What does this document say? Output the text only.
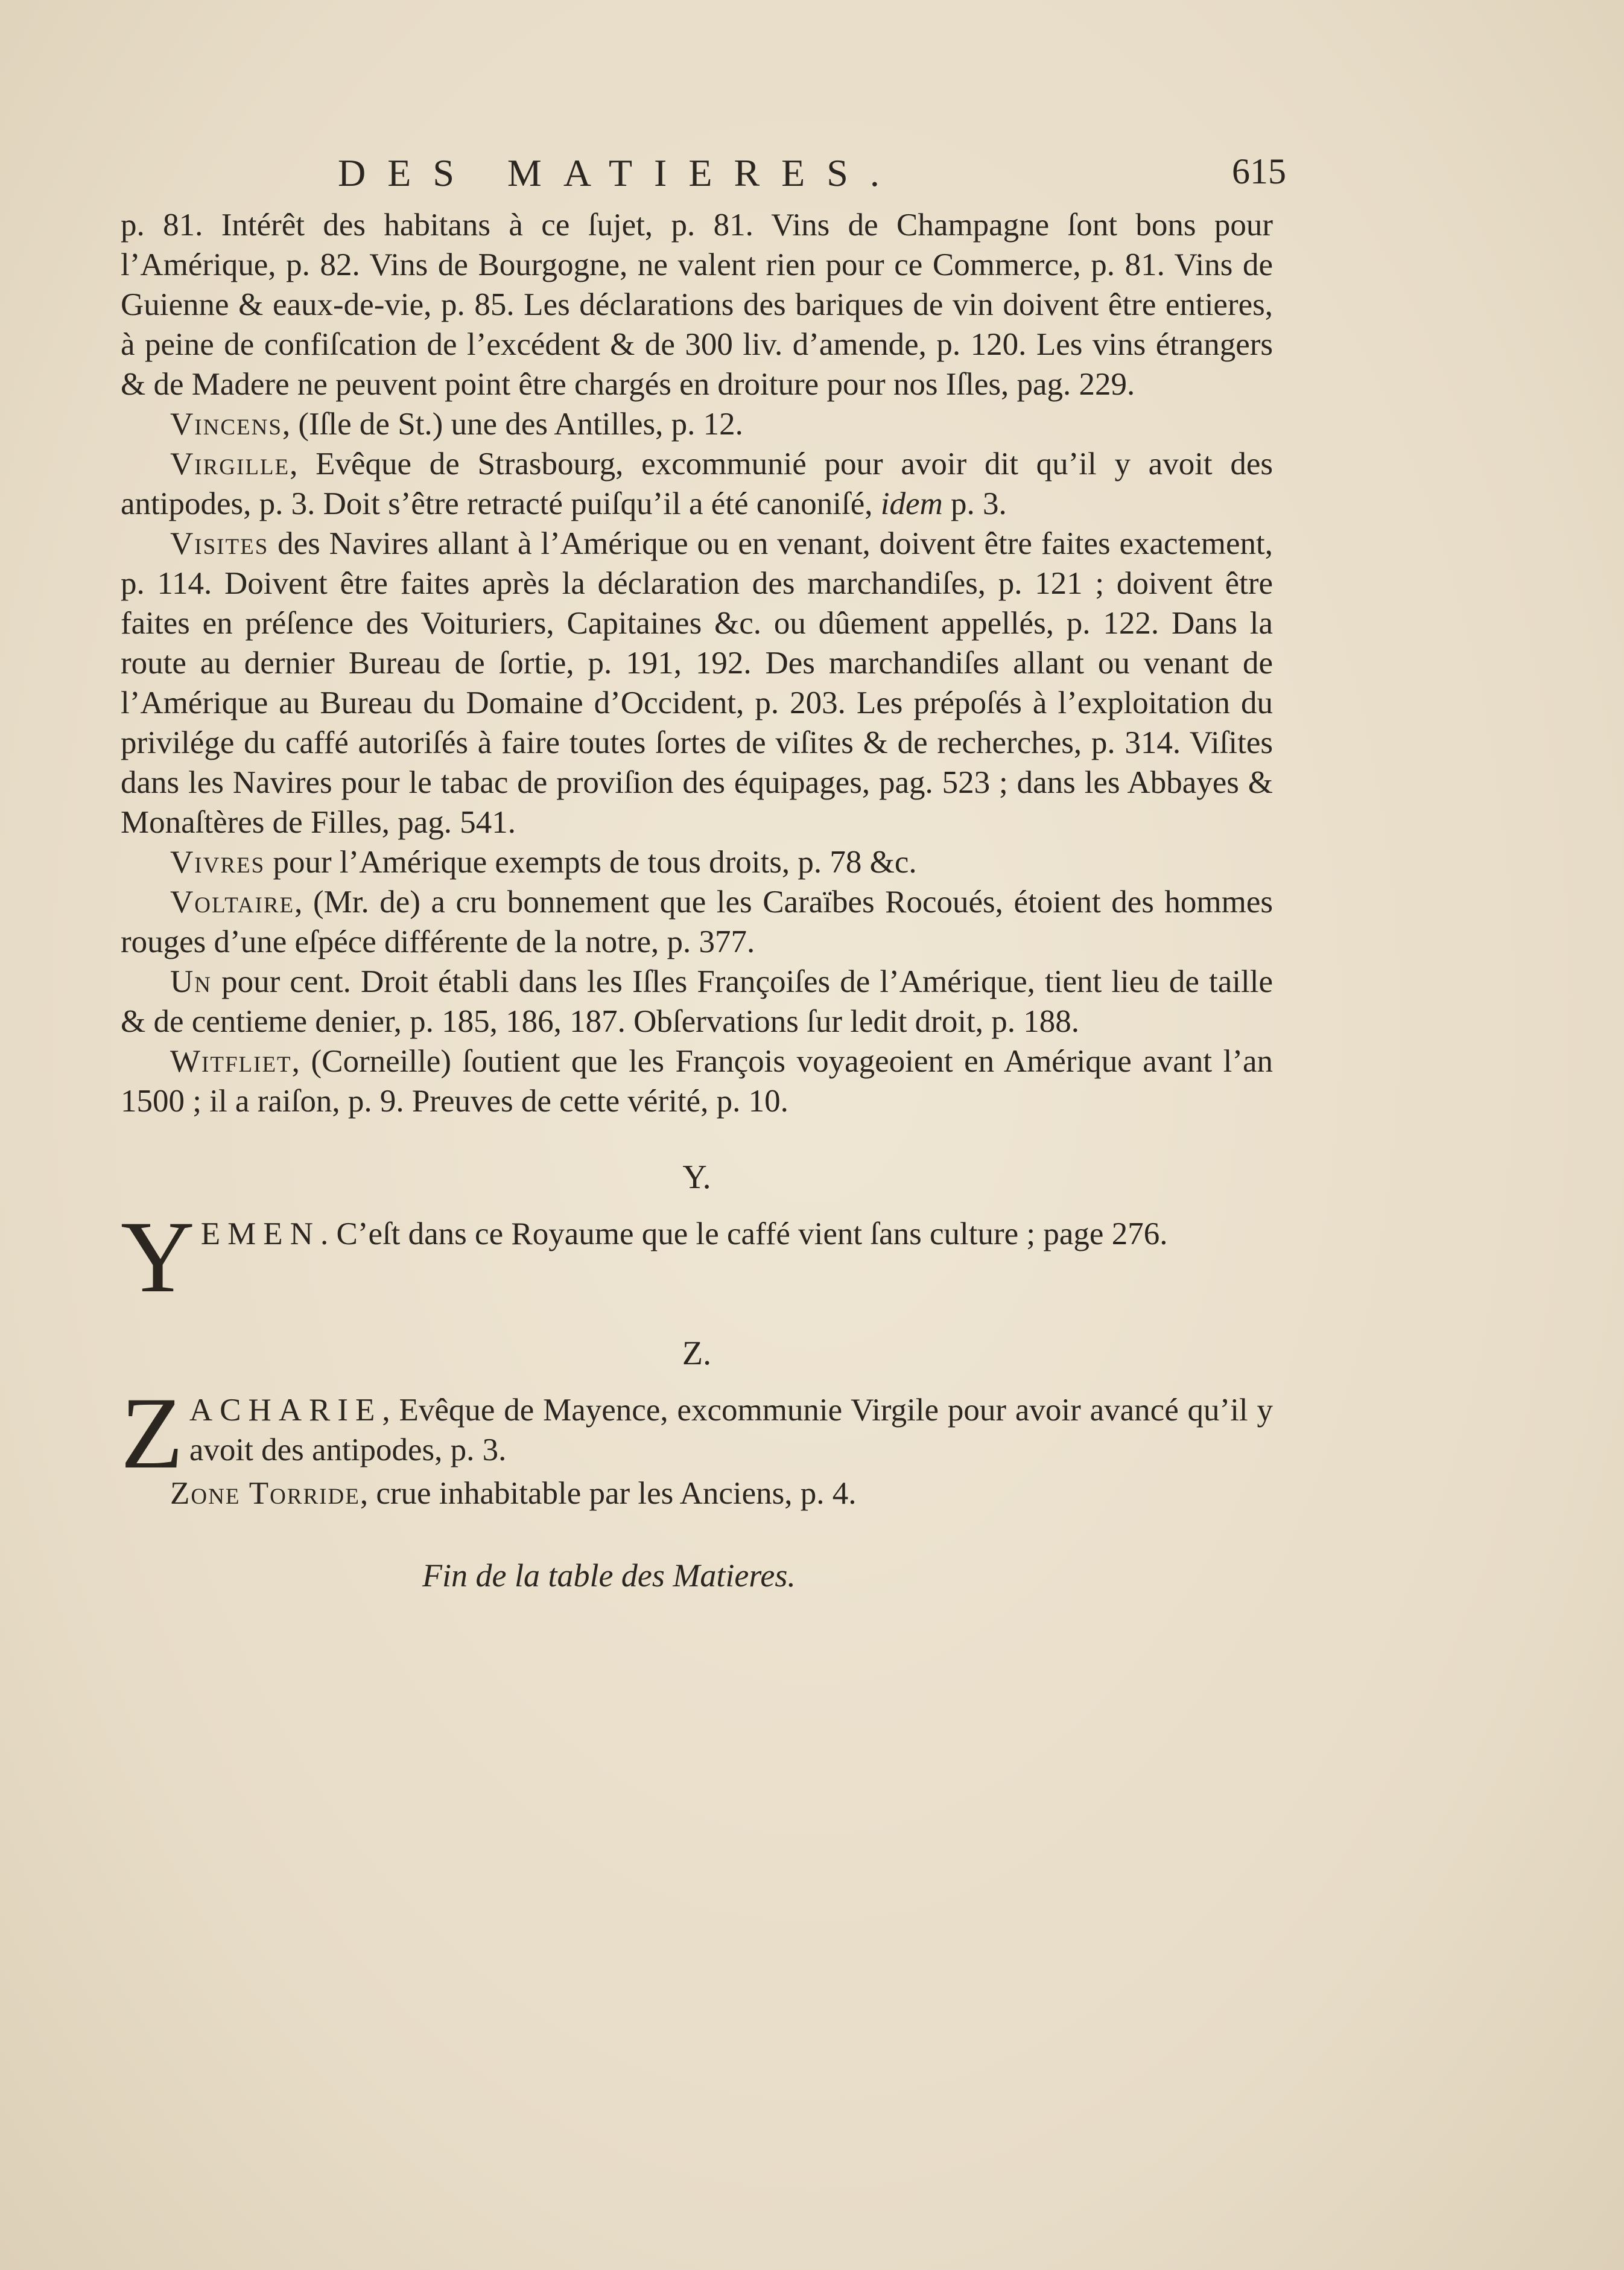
DES MATIERES.	615

p. 81. Intérêt des habitans à ce ſujet, p. 81. Vins de Champagne ſont bons pour l’Amérique, p. 82. Vins de Bourgogne, ne valent rien pour ce Commerce, p. 81. Vins de Guienne & eaux-de-vie, p. 85. Les déclarations des bariques de vin doivent être entieres, à peine de confiſcation de l’excédent & de 300 liv. d’amende, p. 120. Les vins étrangers & de Madere ne peuvent point être chargés en droiture pour nos Iſles, pag. 229.

Vincens, (Iſle de St.) une des Antilles, p. 12.

Virgille, Evêque de Strasbourg, excommunié pour avoir dit qu’il y avoit des antipodes, p. 3. Doit s’être retracté puiſqu’il a été canoniſé, idem p. 3.

Visites des Navires allant à l’Amérique ou en venant, doivent être faites exactement, p. 114. Doivent être faites après la déclaration des marchandiſes, p. 121 ; doivent être faites en préſence des Voituriers, Capitaines &c. ou dûement appellés, p. 122. Dans la route au dernier Bureau de ſortie, p. 191, 192. Des marchandiſes allant ou venant de l’Amérique au Bureau du Domaine d’Occident, p. 203. Les prépoſés à l’exploitation du privilége du caffé autoriſés à faire toutes ſortes de viſites & de recherches, p. 314. Viſites dans les Navires pour le tabac de proviſion des équipages, pag. 523 ; dans les Abbayes & Monaſtères de Filles, pag. 541.

Vivres pour l’Amérique exempts de tous droits, p. 78 &c.

Voltaire, (Mr. de) a cru bonnement que les Caraïbes Rocoués, étoient des hommes rouges d’une eſpéce différente de la notre, p. 377.

Un pour cent. Droit établi dans les Iſles Françoiſes de l’Amérique, tient lieu de taille & de centieme denier, p. 185, 186, 187. Obſervations ſur ledit droit, p. 188.

Witfliet, (Corneille) ſoutient que les François voyageoient en Amérique avant l’an 1500 ; il a raiſon, p. 9. Preuves de cette vérité, p. 10.

Y.

YEMEN. C’eſt dans ce Royaume que le caffé vient ſans culture ; page 276.

Z.

ZACHARIE, Evêque de Mayence, excommunie Virgile pour avoir avancé qu’il y avoit des antipodes, p. 3.

Zone Torride, crue inhabitable par les Anciens, p. 4.

Fin de la table des Matieres.
